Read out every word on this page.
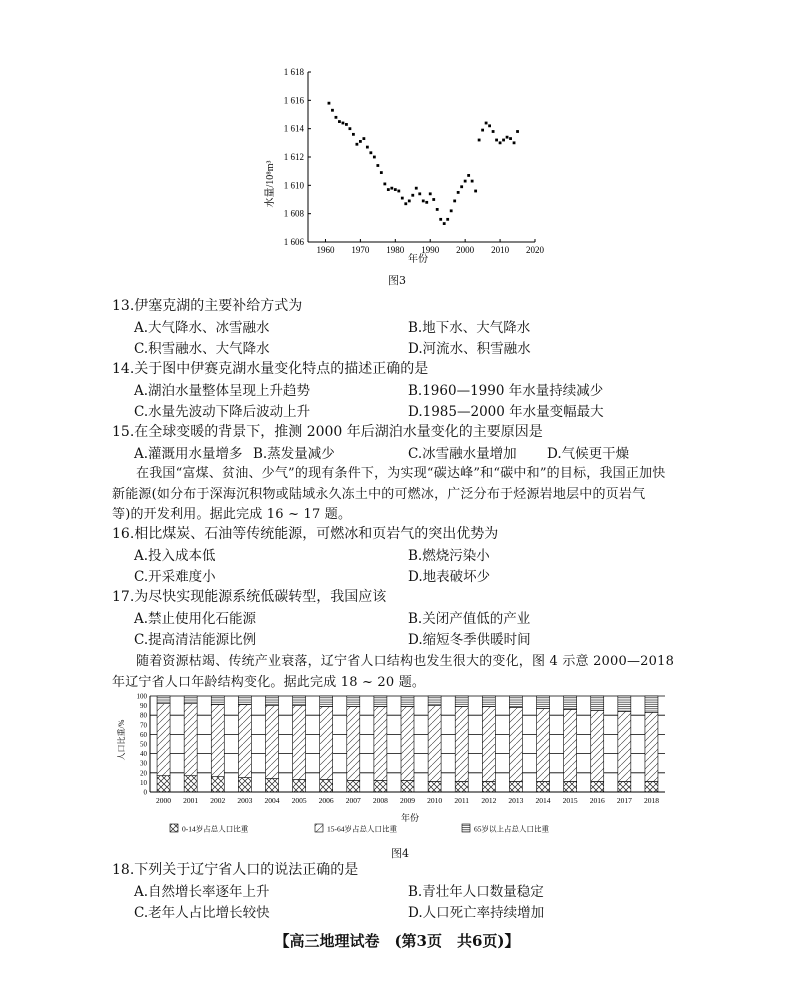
1 606
1 608
1 610
1 612
1 614
1 616
1 618
1960 1970 1980 1990 2000 2010 2020
水量/10⁸m³
年份
图3
13.伊塞克湖的主要补给方式为
A.大气降水、冰雪融水	B.地下水、大气降水
C.积雪融水、大气降水	D.河流水、积雪融水
14.关于图中伊赛克湖水量变化特点的描述正确的是
A.湖泊水量整体呈现上升趋势	B.1960—1990 年水量持续减少
C.水量先波动下降后波动上升	D.1985—2000 年水量变幅最大
15.在全球变暖的背景下，推测 2000 年后湖泊水量变化的主要原因是
A.灌溉用水量增多 B.蒸发量减少	C.冰雪融水量增加 D.气候更干燥
在我国“富煤、贫油、少气”的现有条件下，为实现“碳达峰”和“碳中和”的目标，我国正加快
新能源(如分布于深海沉积物或陆域永久冻土中的可燃冰，广泛分布于烃源岩地层中的页岩气
等)的开发利用。据此完成 16 ~ 17 题。
16.相比煤炭、石油等传统能源，可燃冰和页岩气的突出优势为
A.投入成本低	B.燃烧污染小
C.开采难度小	D.地表破坏少
17.为尽快实现能源系统低碳转型，我国应该
A.禁止使用化石能源	B.关闭产值低的产业
C.提高清洁能源比例	D.缩短冬季供暖时间
随着资源枯竭、传统产业衰落，辽宁省人口结构也发生很大的变化，图 4 示意 2000—2018
年辽宁省人口年龄结构变化。据此完成 18 ~ 20 题。
0
10
20
30
40
50
60
70
80
90
100
2000 2001 2002 2003 2004 2005 2006 2007 2008 2009 2010 2011 2012 2013 2014 2015 2016 2017 2018
人口比重/%
年份
0-14岁占总人口比重	15-64岁占总人口比重	65岁以上占总人口比重
图4
18.下列关于辽宁省人口的说法正确的是
A.自然增长率逐年上升	B.青壮年人口数量稳定
C.老年人占比增长较快	D.人口死亡率持续增加
【高三地理试卷　(第3页　共6页)】
